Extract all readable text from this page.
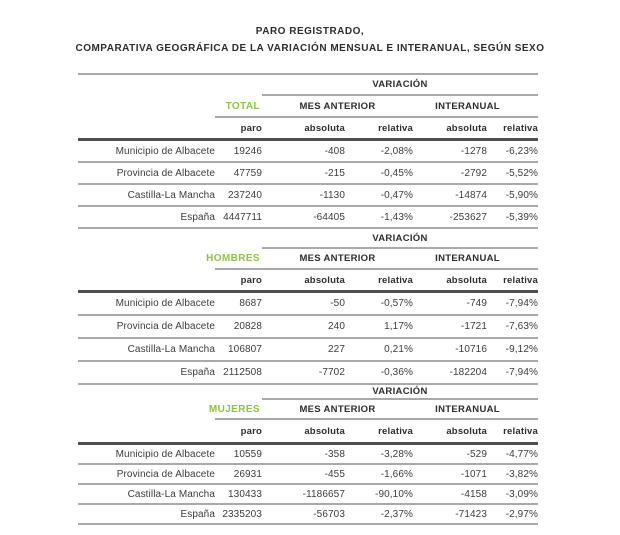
PARO REGISTRADO,
COMPARATIVA GEOGRÁFICA DE LA VARIACIÓN MENSUAL E INTERANUAL, SEGÚN SEXO
VARIACIÓN
TOTAL	MES ANTERIOR	INTERANUAL
paro	absoluta	relativa	absoluta	relativa
Municipio de Albacete	19246	-408	-2,08%	-1278	-6,23%
Provincia de Albacete	47759	-215	-0,45%	-2792	-5,52%
Castilla-La Mancha	237240	-1130	-0,47%	-14874	-5,90%
España 4447711	-64405	-1,43%	-253627	-5,39%
VARIACIÓN
HOMBRES	MES ANTERIOR	INTERANUAL
paro	absoluta	relativa	absoluta	relativa
Municipio de Albacete	8687	-50	-0,57%	-749	-7,94%
Provincia de Albacete	20828	240	1,17%	-1721	-7,63%
Castilla-La Mancha	106807	227	0,21%	-10716	-9,12%
España 2112508	-7702	-0,36%	-182204	-7,94%
VARIACIÓN
MUJERES	MES ANTERIOR	INTERANUAL
paro	absoluta	relativa	absoluta	relativa
Municipio de Albacete	10559	-358	-3,28%	-529	-4,77%
Provincia de Albacete	26931	-455	-1,66%	-1071	-3,82%
Castilla-La Mancha	130433	-1186657	-90,10%	-4158	-3,09%
España 2335203	-56703	-2,37%	-71423	-2,97%
